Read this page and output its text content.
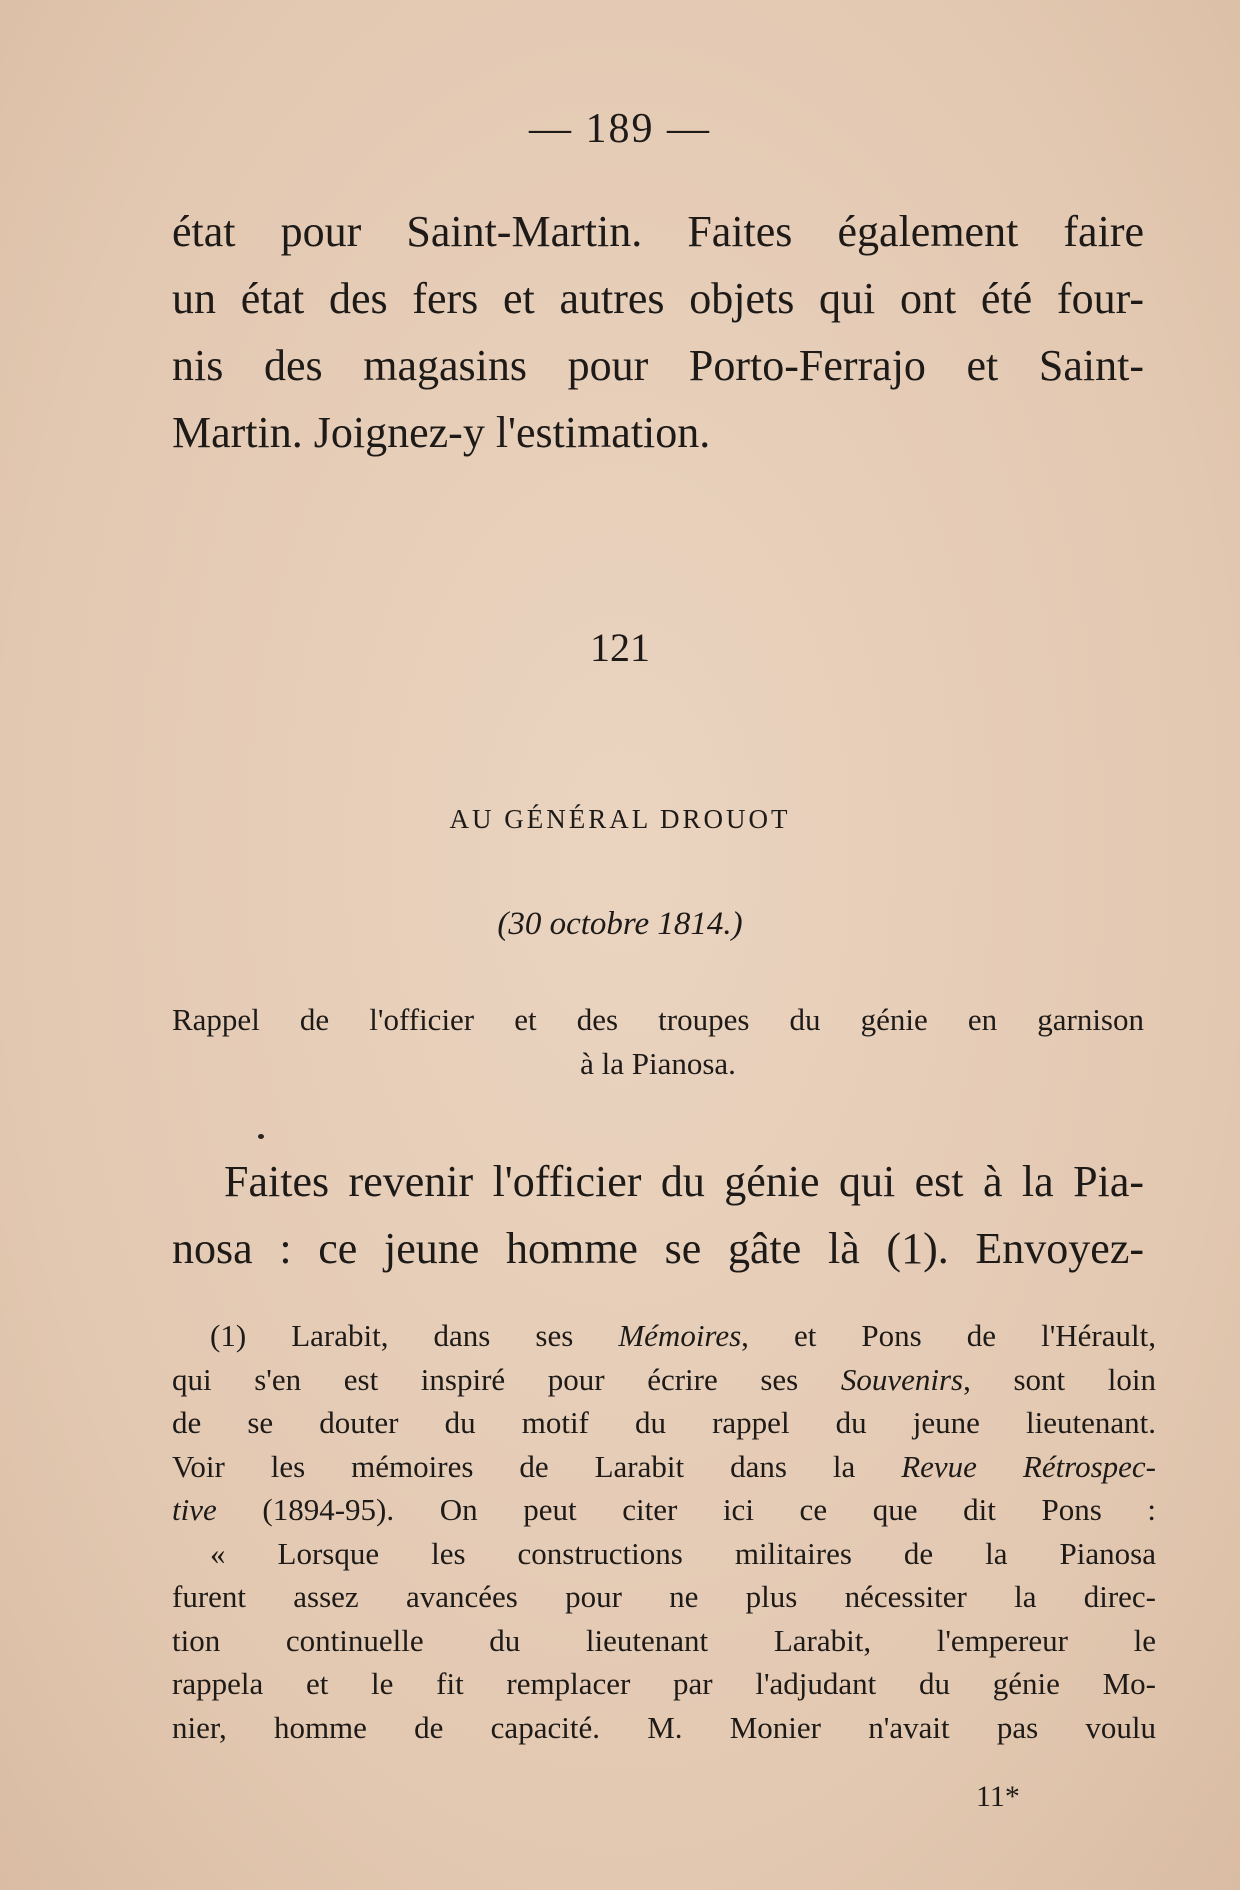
— 189 —
état pour Saint-Martin. Faites également faire
un état des fers et autres objets qui ont été four-
nis des magasins pour Porto-Ferrajo et Saint-
Martin. Joignez-y l'estimation.
121
AU GÉNÉRAL DROUOT
(30 octobre 1814.)
Rappel de l'officier et des troupes du génie en garnison
à la Pianosa.
Faites revenir l'officier du génie qui est à la Pia-
nosa : ce jeune homme se gâte là (1). Envoyez-
(1) Larabit, dans ses Mémoires, et Pons de l'Hérault,
qui s'en est inspiré pour écrire ses Souvenirs, sont loin
de se douter du motif du rappel du jeune lieutenant.
Voir les mémoires de Larabit dans la Revue Rétrospec-
tive (1894-95). On peut citer ici ce que dit Pons :
« Lorsque les constructions militaires de la Pianosa
furent assez avancées pour ne plus nécessiter la direc-
tion continuelle du lieutenant Larabit, l'empereur le
rappela et le fit remplacer par l'adjudant du génie Mo-
nier, homme de capacité. M. Monier n'avait pas voulu
11*
